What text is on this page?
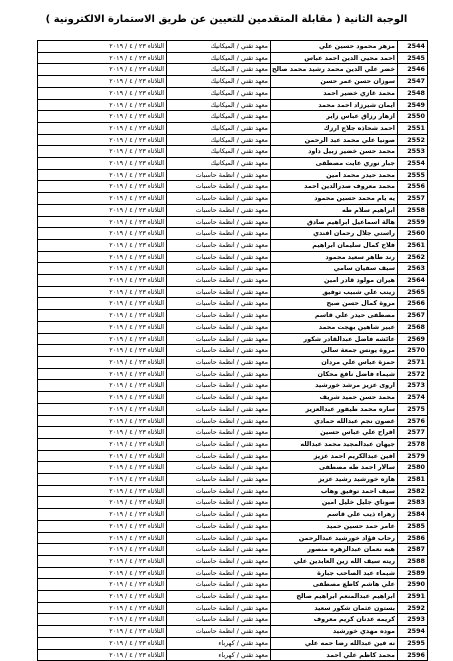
الوجبة الثانية ( مقابلة المتقدمين للتعيين عن طريق الاستمارة الالكترونية )
2544	مزهر محمود حسين علي	معهد تقني / الميكانيك	الثلاثاء ٢٣ / ٤ / ٢٠١٩
2545	احمد محيي الدين احمد عباس	معهد تقني / الميكانيك	الثلاثاء ٢٣ / ٤ / ٢٠١٩
2546	خضر علي الدين محمد رشيد محمد صالح	معهد تقني / الميكانيك	الثلاثاء ٢٣ / ٤ / ٢٠١٩
2547	سوزان حسن عمر حسن	معهد تقني / الميكانيك	الثلاثاء ٢٣ / ٤ / ٢٠١٩
2548	محمد غازي خضير احمد	معهد تقني / الميكانيك	الثلاثاء ٢٣ / ٤ / ٢٠١٩
2549	ايمان شيرزاد احمد محمد	معهد تقني / الميكانيك	الثلاثاء ٢٣ / ٤ / ٢٠١٩
2550	ازهار رزاق عباس زاير	معهد تقني / الميكانيك	الثلاثاء ٢٣ / ٤ / ٢٠١٩
2551	احمد شحاذه جلاج ارزك	معهد تقني / الميكانيك	الثلاثاء ٢٣ / ٤ / ٢٠١٩
2552	صونيا علي محمد عبد الرحمن	معهد تقني / الميكانيك	الثلاثاء ٢٣ / ٤ / ٢٠١٩
2553	محمد حسن خضير زبيل داود	معهد تقني / الميكانيك	الثلاثاء ٢٣ / ٤ / ٢٠١٩
2554	جبار نوري عايت مصطفى	معهد تقني / الميكانيك	الثلاثاء ٢٣ / ٤ / ٢٠١٩
2555	محمد حيدر محمد امين	معهد تقني / انظمة حاسبات	الثلاثاء ٢٣ / ٤ / ٢٠١٩
2556	محمد معروف صدرالدين احمد	معهد تقني / انظمة حاسبات	الثلاثاء ٢٣ / ٤ / ٢٠١٩
2557	يه يام محمد حسين محمود	معهد تقني / انظمة حاسبات	الثلاثاء ٢٣ / ٤ / ٢٠١٩
2558	ابراهيم سلام طه	معهد تقني / انظمة حاسبات	الثلاثاء ٢٣ / ٤ / ٢٠١٩
2559	هالة اسماعيل ابراهيم صادق	معهد تقني / انظمة حاسبات	الثلاثاء ٢٣ / ٤ / ٢٠١٩
2560	راستي جلال رحمان افندي	معهد تقني / انظمة حاسبات	الثلاثاء ٢٣ / ٤ / ٢٠١٩
2561	فلاح كمال سليمان ابراهيم	معهد تقني / انظمة حاسبات	الثلاثاء ٢٣ / ٤ / ٢٠١٩
2562	رند طاهر سعيد محمود	معهد تقني / انظمة حاسبات	الثلاثاء ٢٣ / ٤ / ٢٠١٩
2563	سيف سفيان سامي	معهد تقني / انظمة حاسبات	الثلاثاء ٢٣ / ٤ / ٢٠١٩
2564	هيران مولود قادر امين	معهد تقني / انظمة حاسبات	الثلاثاء ٢٣ / ٤ / ٢٠١٩
2565	زينب علي شبيب توفيق	معهد تقني / انظمة حاسبات	الثلاثاء ٢٣ / ٤ / ٢٠١٩
2566	مروة كمال حسن صبح	معهد تقني / انظمة حاسبات	الثلاثاء ٢٣ / ٤ / ٢٠١٩
2567	مصطفى حيدر علي قاسم	معهد تقني / انظمة حاسبات	الثلاثاء ٢٣ / ٤ / ٢٠١٩
2568	عبير شاهين بهجت محمد	معهد تقني / انظمة حاسبات	الثلاثاء ٢٣ / ٤ / ٢٠١٩
2569	عائشه فاضل عبدالقادر شكور	معهد تقني / انظمة حاسبات	الثلاثاء ٢٣ / ٤ / ٢٠١٩
2570	مروة يونس جمعة سالي	معهد تقني / انظمة حاسبات	الثلاثاء ٢٣ / ٤ / ٢٠١٩
2571	حمزة عباس علي مردان	معهد تقني / انظمة حاسبات	الثلاثاء ٢٣ / ٤ / ٢٠١٩
2572	شيماء فاضل نافع محكان	معهد تقني / انظمة حاسبات	الثلاثاء ٢٣ / ٤ / ٢٠١٩
2573	اروى عزيز مرشد خورشيد	معهد تقني / انظمة حاسبات	الثلاثاء ٢٣ / ٤ / ٢٠١٩
2574	محمد حسن حميد شريف	معهد تقني / انظمة حاسبات	الثلاثاء ٢٣ / ٤ / ٢٠١٩
2575	ساره محمد طيفور عبدالعزيز	معهد تقني / انظمة حاسبات	الثلاثاء ٢٣ / ٤ / ٢٠١٩
2576	غصون نجم عبدالله حمادي	معهد تقني / انظمة حاسبات	الثلاثاء ٢٣ / ٤ / ٢٠١٩
2577	افراح علي عباس حسين	معهد تقني / انظمة حاسبات	الثلاثاء ٢٣ / ٤ / ٢٠١٩
2578	جيهان عبدالمجيد محمد عبدالله	معهد تقني / انظمة حاسبات	الثلاثاء ٢٣ / ٤ / ٢٠١٩
2579	افين عبدالكريم احمد عزيز	معهد تقني / انظمة حاسبات	الثلاثاء ٢٣ / ٤ / ٢٠١٩
2580	سالار احمد طه مصطفى	معهد تقني / انظمة حاسبات	الثلاثاء ٢٣ / ٤ / ٢٠١٩
2581	هازه خورشيد رشيد عزيز	معهد تقني / انظمة حاسبات	الثلاثاء ٢٣ / ٤ / ٢٠١٩
2582	سيف احمد توفيق وهاب	معهد تقني / انظمة حاسبات	الثلاثاء ٢٣ / ٤ / ٢٠١٩
2583	صوناي جليل خليل امين	معهد تقني / انظمة حاسبات	الثلاثاء ٢٣ / ٤ / ٢٠١٩
2584	زهراء ذيب علي قاسم	معهد تقني / انظمة حاسبات	الثلاثاء ٢٣ / ٤ / ٢٠١٩
2585	عامر حمد حسين حميد	معهد تقني / انظمة حاسبات	الثلاثاء ٢٣ / ٤ / ٢٠١٩
2586	رحاب فؤاد خورشيد عبدالرحمن	معهد تقني / انظمة حاسبات	الثلاثاء ٢٣ / ٤ / ٢٠١٩
2587	هبه نعمان عبدالزهره منصور	معهد تقني / انظمة حاسبات	الثلاثاء ٢٣ / ٤ / ٢٠١٩
2588	ريته سيف الله زين العابدين علي	معهد تقني / انظمة حاسبات	الثلاثاء ٢٣ / ٤ / ٢٠١٩
2589	شيماء عبد الصاحب جبارة	معهد تقني / انظمة حاسبات	الثلاثاء ٢٣ / ٤ / ٢٠١٩
2590	علي هاشم كاطع مصطفى	معهد تقني / انظمة حاسبات	الثلاثاء ٢٣ / ٤ / ٢٠١٩
2591	ابراهيم عبدالمنعم ابراهيم صالح	معهد تقني / انظمة حاسبات	الثلاثاء ٢٣ / ٤ / ٢٠١٩
2592	بستون عثمان شكور سعيد	معهد تقني / انظمة حاسبات	الثلاثاء ٢٣ / ٤ / ٢٠١٩
2593	كريمه عدنان كريم معروف	معهد تقني / انظمة حاسبات	الثلاثاء ٢٣ / ٤ / ٢٠١٩
2594	موده مهدي خورشيد	معهد تقني / انظمة حاسبات	الثلاثاء ٢٣ / ٤ / ٢٠١٩
2595	نه فين عبدالله رضا حمه علي	معهد تقني / كهرباء	الثلاثاء ٢٣ / ٤ / ٢٠١٩
2596	محمد كاظم علي احمد	معهد تقني / كهرباء	الثلاثاء ٢٣ / ٤ / ٢٠١٩
